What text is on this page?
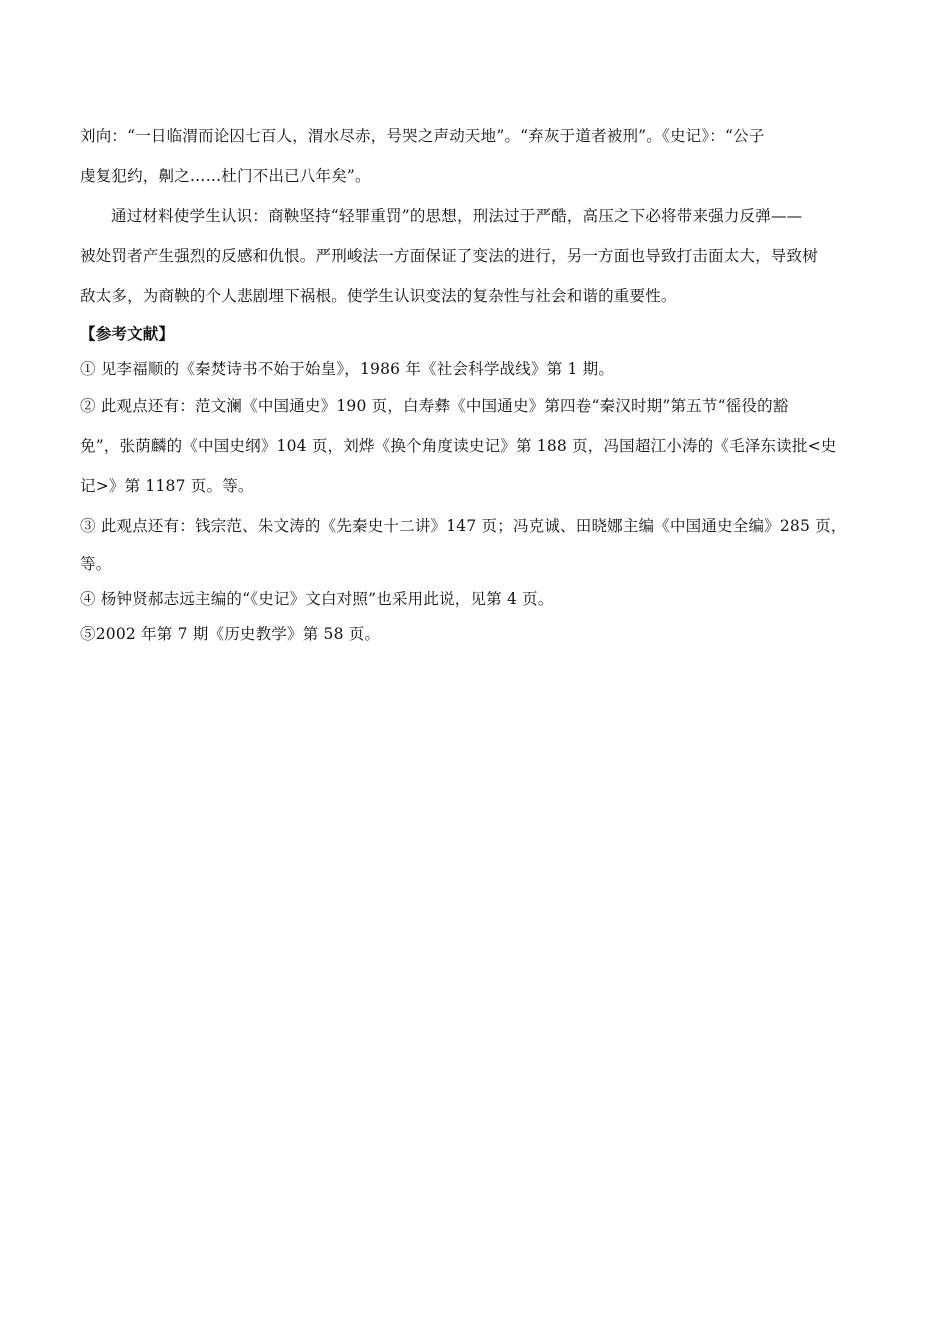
刘向：“一日临渭而论囚七百人，渭水尽赤，号哭之声动天地”。“弃灰于道者被刑”。《史记》：“公子
虔复犯约，劓之……杜门不出已八年矣”。
通过材料使学生认识：商鞅坚持“轻罪重罚”的思想，刑法过于严酷，高压之下必将带来强力反弹——
被处罚者产生强烈的反感和仇恨。严刑峻法一方面保证了变法的进行，另一方面也导致打击面太大，导致树
敌太多，为商鞅的个人悲剧埋下祸根。使学生认识变法的复杂性与社会和谐的重要性。
【参考文献】
① 见李福顺的《秦焚诗书不始于始皇》，1986 年《社会科学战线》第 1 期。
② 此观点还有：范文澜《中国通史》190 页，白寿彝《中国通史》第四卷“秦汉时期”第五节“徭役的豁
免”，张荫麟的《中国史纲》104 页，刘烨《换个角度读史记》第 188 页，冯国超江小涛的《毛泽东读批<史
记>》第 1187 页。等。
③ 此观点还有：钱宗范、朱文涛的《先秦史十二讲》147 页；冯克诚、田晓娜主编《中国通史全编》285 页，
等。
④ 杨钟贤郝志远主编的“《史记》文白对照”也采用此说，见第 4 页。
⑤2002 年第 7 期《历史教学》第 58 页。
